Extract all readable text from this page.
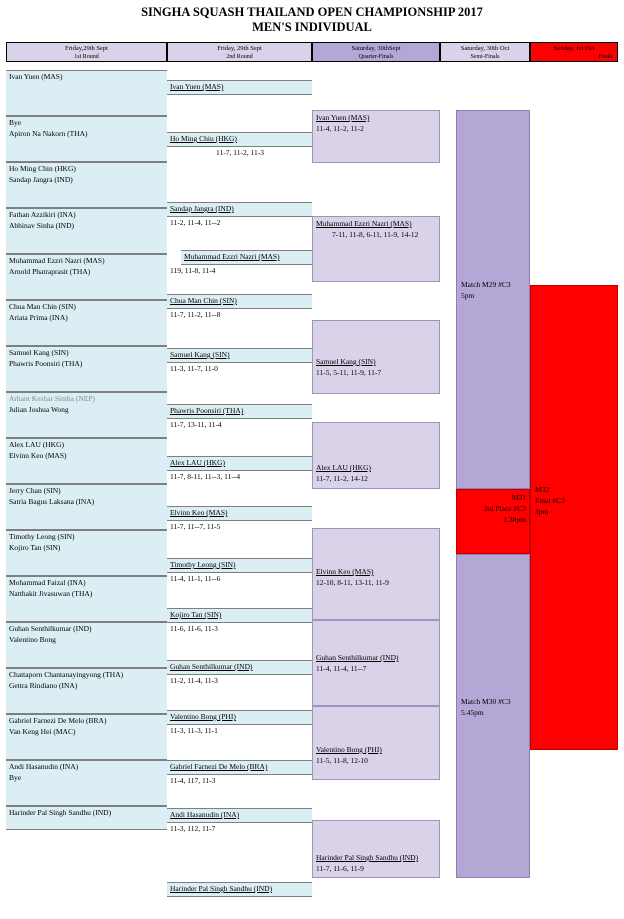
SINGHA SQUASH THAILAND OPEN CHAMPIONSHIP 2017
MEN'S INDIVIDUAL
Friday,29th Sept
1st Round
Friday, 29th Sept
2nd Round
Saturday, 30thSept
Quarter-Finals
Saturday, 30th Oct
Semi-Finals
Sunday, 1st Oct
Finals
Ivan Yuen (MAS)
Bye
Apiron Na Nakorn (THA)
Ho Ming Chin (HKG)
Sandap Jangra (IND)
Fathan Azzikiri (INA)
Abhinav Sinha (IND)
Muhammad Ezzri Nazri (MAS)
Arnold Phatraprasit (THA)
Chua Man Chin (SIN)
Ariata Prima (INA)
Samuel Kang (SIN)
Phawris Poonsiri (THA)
Arhant Keshar Simha (NEP)
Julian Joshua Wong
Alex LAU (HKG)
Elvinn Keo (MAS)
Jerry Chan (SIN)
Satria Bagus Laksana (INA)
Timothy Leong (SIN)
Kojiro Tan (SIN)
Mohammad Faizal (INA)
Natthakit Jivasuwan (THA)
Guhan Senthilkumar (IND)
Valentino Bong
Chattaporn Chantanayingyong (THA)
Gettra Rindiano (INA)
Gabriel Farnezi De Melo (BRA)
Van Keng Hei (MAC)
Andi Hasanudin (INA)
Bye
Harinder Pal Singh Sandhu (IND)
Ivan Yuen (MAS)
Ho Ming Chiu (HKG)
11-7, 11-2, 11-3
Sandap Jangra (IND)
11-2, 11-4, 11--2
Muhammad Ezzri Nazri (MAS)
119, 11-8, 11-4
Chua Man Chin (SIN)
11-7, 11-2, 11--8
Samuel Kang (SIN)
11-3, 11-7, 11-0
Phawris Poonsiri (THA)
11-7, 13-11, 11-4
Alex LAU (HKG)
11-7, 8-11, 11--3, 11--4
Elvinn Keo (MAS)
11-7, 11--7, 11-5
Timothy Leong (SIN)
11-4, 11-1, 11--6
Kojiro Tan (SIN)
11-6, 11-6, 11-3
Guhan Senthilkumar (IND)
11-2, 11-4, 11-3
Valentino Bong (PHI)
11-3, 11-3, 11-1
Gabriel Farnezi De Melo (BRA)
11-4, 117, 11-3
Andi Hasanudin (INA)
11-3, 112, 11-7
Harinder Pal Singh Sandhu (IND)
Ivan Yuen (MAS)
11-4, 11-2, 11-2
Muhammad Ezzri Nazri (MAS)
7-11, 11-8, 6-11, 11-9, 14-12
Samuel Kang (SIN)
11-5, 5-11, 11-9, 11-7
Alex LAU (HKG)
11-7, 11-2, 14-12
Elvinn Keo (MAS)
12-10, 8-11, 13-11, 11-9
Guhan Senthilkumar (IND)
11-4, 11-4, 11--7
Valentino Bong (PHI)
11-5, 11-8, 12-10
Harinder Pal Singh Sandhu (IND)
11-7, 11-6, 11-9
Match M29 #C3
5pm
Match M30 #C3
5.45pm
M31
3rd Place #C3
1.30pm
M32
Final #C3
3pm
